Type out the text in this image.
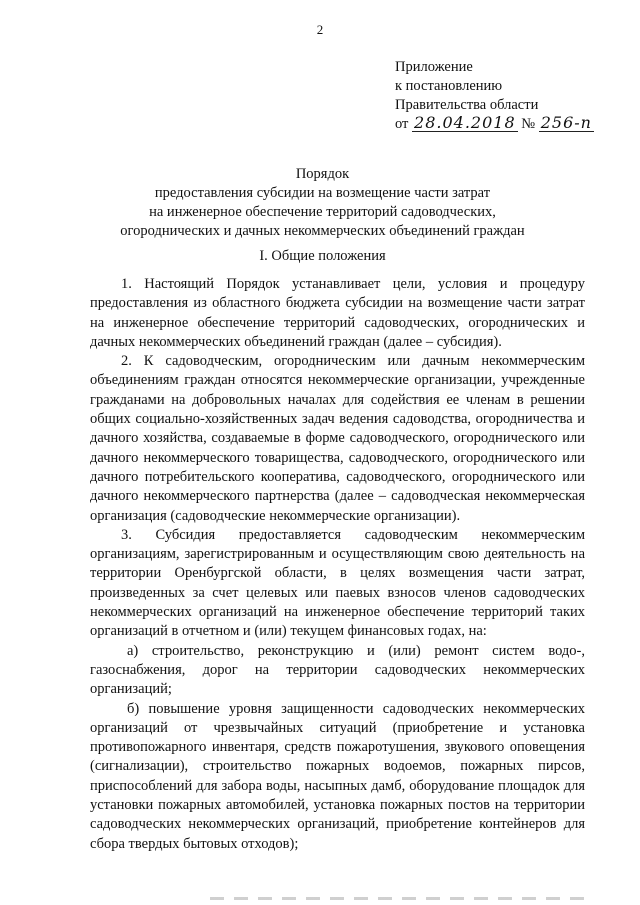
2
Приложение
к постановлению
Правительства области
от 28.04.2018 № 256-п
Порядок
предоставления субсидии на возмещение части затрат
на инженерное обеспечение территорий садоводческих,
огороднических и дачных некоммерческих объединений граждан
I. Общие положения

1. Настоящий Порядок устанавливает цели, условия и процедуру предоставления из областного бюджета субсидии на возмещение части затрат на инженерное обеспечение территорий садоводческих, огороднических и дачных некоммерческих объединений граждан (далее – субсидия).

2. К садоводческим, огородническим или дачным некоммерческим объединениям граждан относятся некоммерческие организации, учрежденные гражданами на добровольных началах для содействия ее членам в решении общих социально-хозяйственных задач ведения садоводства, огородничества и дачного хозяйства, создаваемые в форме садоводческого, огороднического или дачного некоммерческого товарищества, садоводческого, огороднического или дачного потребительского кооператива, садоводческого, огороднического или дачного некоммерческого партнерства (далее – садоводческая некоммерческая организация (садоводческие некоммерческие организации).

3. Субсидия предоставляется садоводческим некоммерческим организациям, зарегистрированным и осуществляющим свою деятельность на территории Оренбургской области, в целях возмещения части затрат, произведенных за счет целевых или паевых взносов членов садоводческих некоммерческих организаций на инженерное обеспечение территорий таких организаций в отчетном и (или) текущем финансовых годах, на:

а) строительство, реконструкцию и (или) ремонт систем водо-, газоснабжения, дорог на территории садоводческих некоммерческих организаций;

б) повышение уровня защищенности садоводческих некоммерческих организаций от чрезвычайных ситуаций (приобретение и установка противопожарного инвентаря, средств пожаротушения, звукового оповещения (сигнализации), строительство пожарных водоемов, пожарных пирсов, приспособлений для забора воды, насыпных дамб, оборудование площадок для установки пожарных автомобилей, установка пожарных постов на территории садоводческих некоммерческих организаций, приобретение контейнеров для сбора твердых бытовых отходов);
